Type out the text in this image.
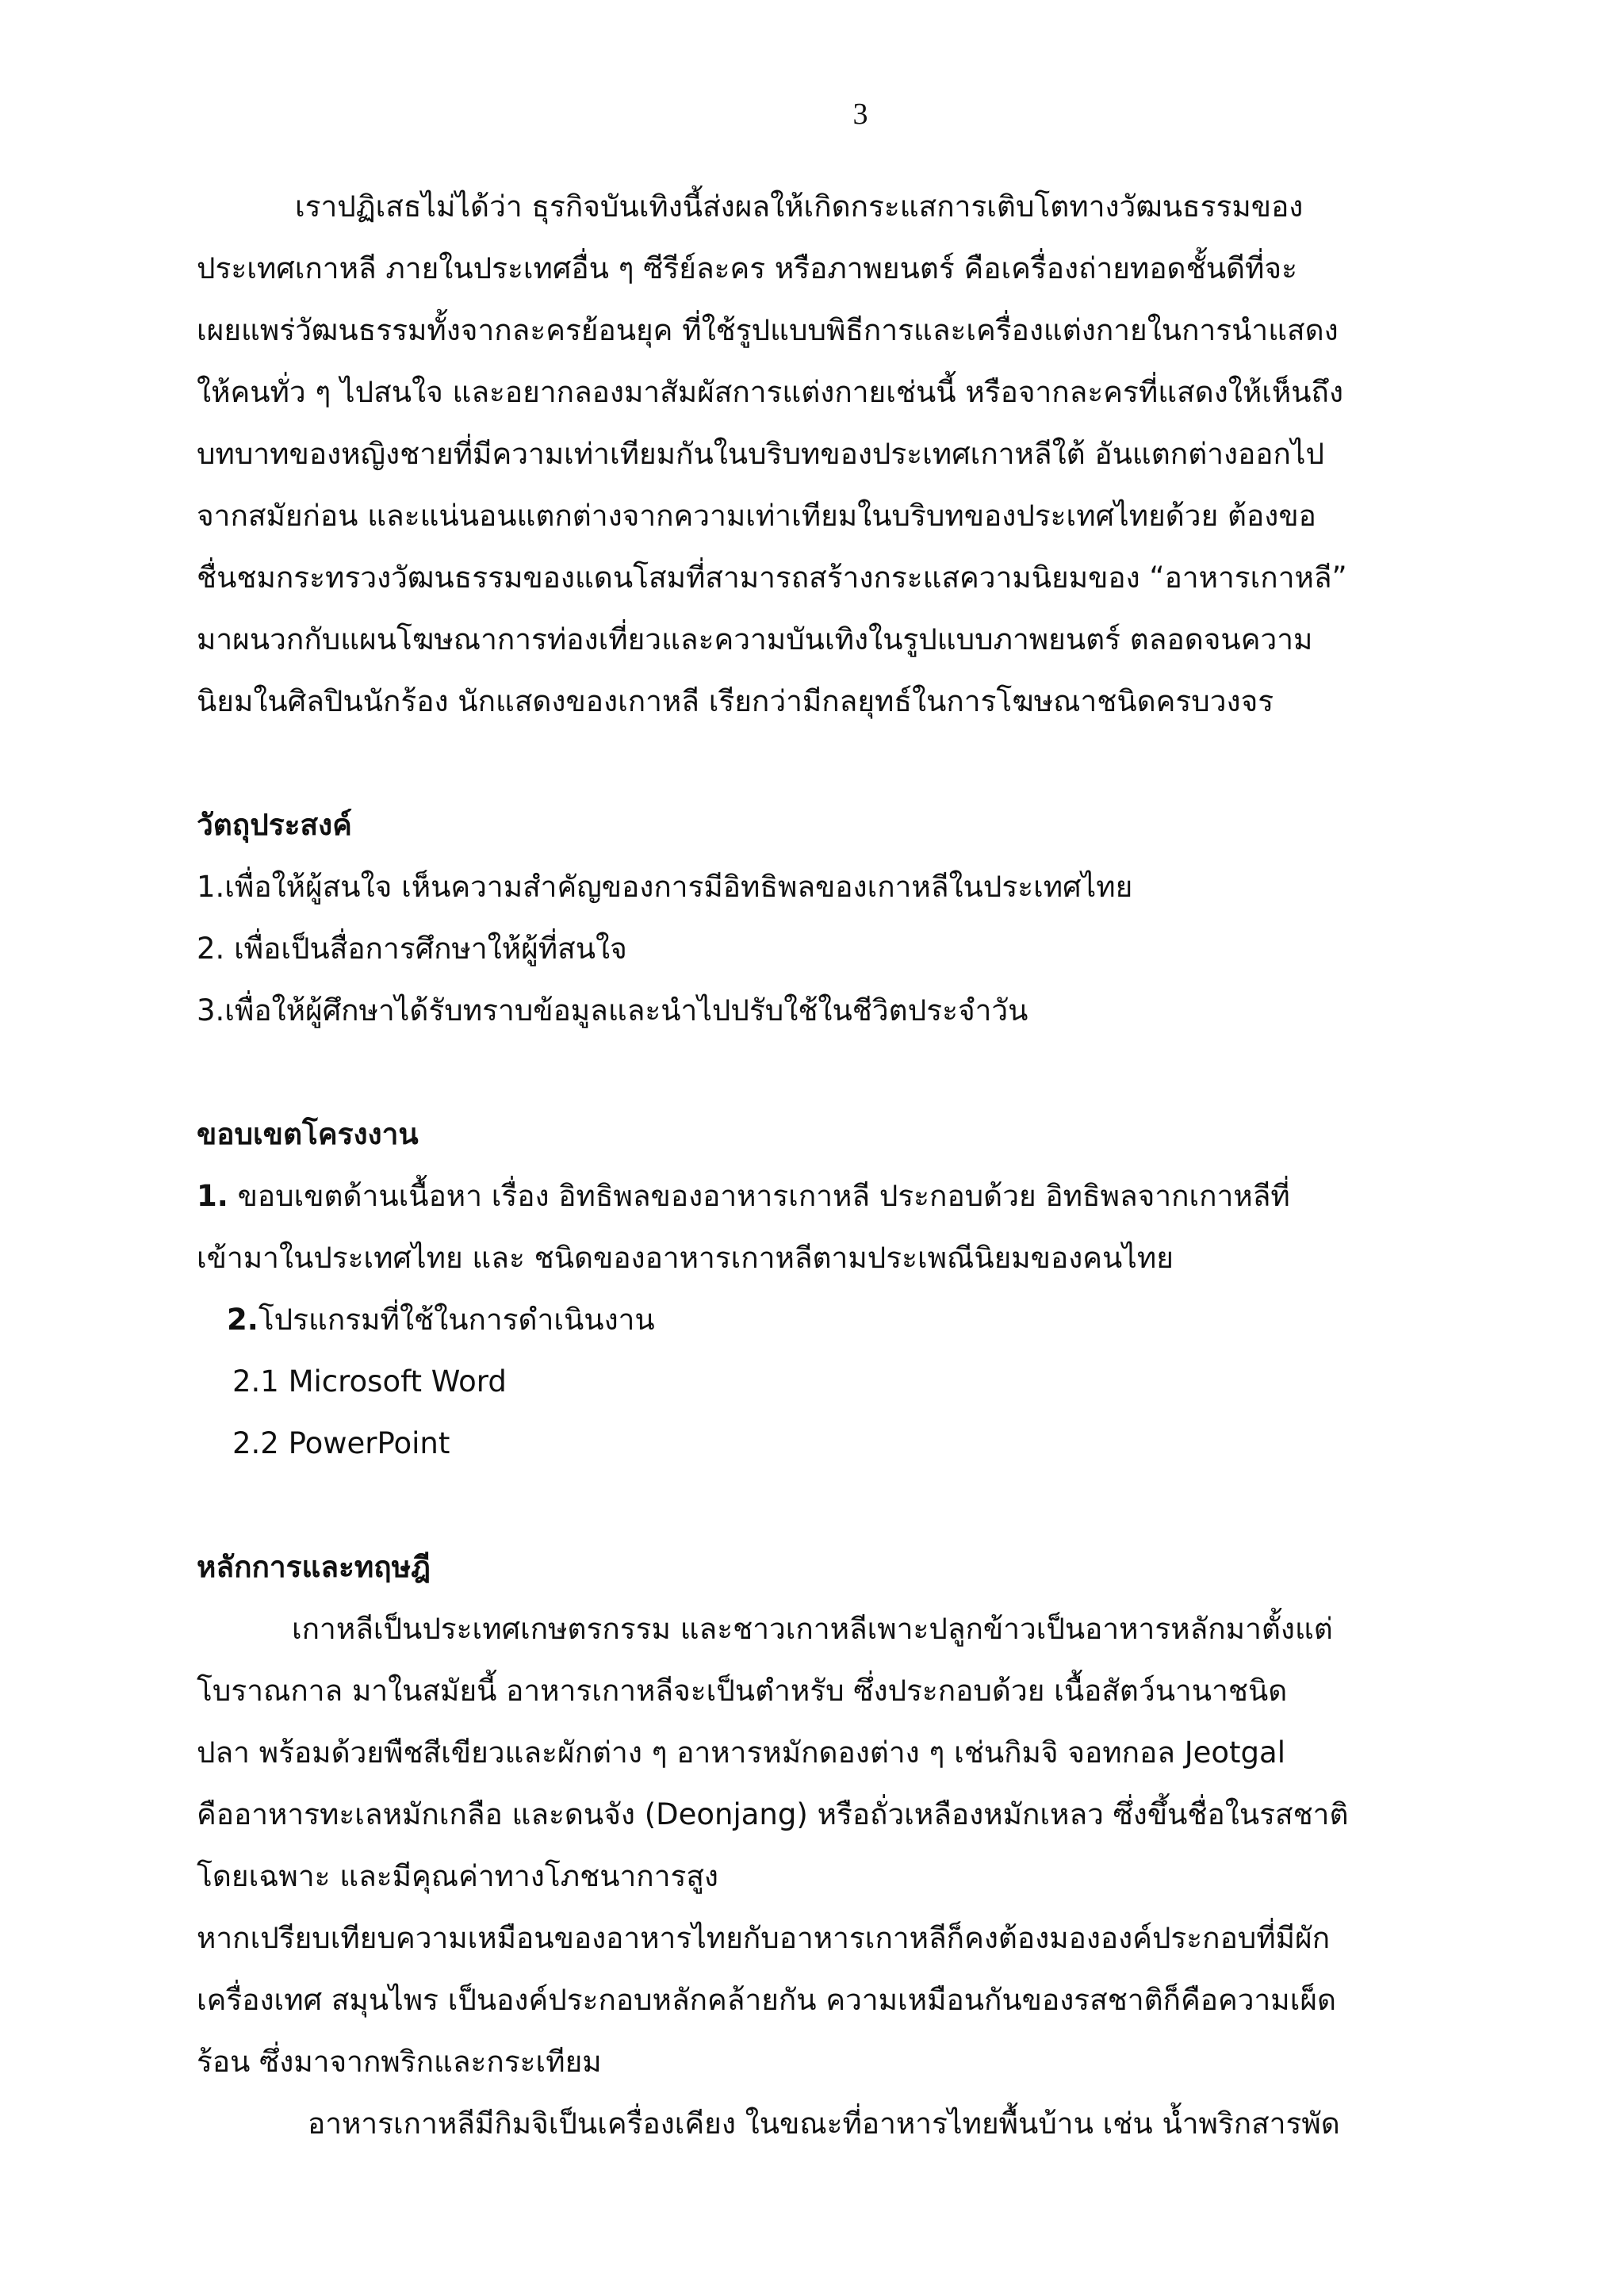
3
เราปฏิเสธไม่ได้ว่า ธุรกิจบันเทิงนี้ส่งผลให้เกิดกระแสการเติบโตทางวัฒนธรรมของ
ประเทศเกาหลี ภายในประเทศอื่น ๆ ซีรีย์ละคร หรือภาพยนตร์ คือเครื่องถ่ายทอดชั้นดีที่จะ
เผยแพร่วัฒนธรรมทั้งจากละครย้อนยุค ที่ใช้รูปแบบพิธีการและเครื่องแต่งกายในการนำแสดง
ให้คนทั่ว ๆ ไปสนใจ และอยากลองมาสัมผัสการแต่งกายเช่นนี้ หรือจากละครที่แสดงให้เห็นถึง
บทบาทของหญิงชายที่มีความเท่าเทียมกันในบริบทของประเทศเกาหลีใต้ อันแตกต่างออกไป
จากสมัยก่อน และแน่นอนแตกต่างจากความเท่าเทียมในบริบทของประเทศไทยด้วย ต้องขอ
ชื่นชมกระทรวงวัฒนธรรมของแดนโสมที่สามารถสร้างกระแสความนิยมของ “อาหารเกาหลี”
มาผนวกกับแผนโฆษณาการท่องเที่ยวและความบันเทิงในรูปแบบภาพยนตร์ ตลอดจนความ
นิยมในศิลปินนักร้อง นักแสดงของเกาหลี เรียกว่ามีกลยุทธ์ในการโฆษณาชนิดครบวงจร
วัตถุประสงค์
1.เพื่อให้ผู้สนใจ เห็นความสำคัญของการมีอิทธิพลของเกาหลีในประเทศไทย
2. เพื่อเป็นสื่อการศึกษาให้ผู้ที่สนใจ
3.เพื่อให้ผู้ศึกษาได้รับทราบข้อมูลและนำไปปรับใช้ในชีวิตประจำวัน
ขอบเขตโครงงาน
1. ขอบเขตด้านเนื้อหา เรื่อง อิทธิพลของอาหารเกาหลี ประกอบด้วย อิทธิพลจากเกาหลีที่
เข้ามาในประเทศไทย และ ชนิดของอาหารเกาหลีตามประเพณีนิยมของคนไทย
2.โปรแกรมที่ใช้ในการดำเนินงาน
2.1 Microsoft Word
2.2 PowerPoint
หลักการและทฤษฎี
เกาหลีเป็นประเทศเกษตรกรรม และชาวเกาหลีเพาะปลูกข้าวเป็นอาหารหลักมาตั้งแต่
โบราณกาล มาในสมัยนี้ อาหารเกาหลีจะเป็นตำหรับ ซึ่งประกอบด้วย เนื้อสัตว์นานาชนิด
ปลา พร้อมด้วยพืชสีเขียวและผักต่าง ๆ อาหารหมักดองต่าง ๆ เช่นกิมจิ จอทกอล Jeotgal
คืออาหารทะเลหมักเกลือ และดนจัง (Deonjang) หรือถั่วเหลืองหมักเหลว ซึ่งขึ้นชื่อในรสชาติ
โดยเฉพาะ และมีคุณค่าทางโภชนาการสูง
หากเปรียบเทียบความเหมือนของอาหารไทยกับอาหารเกาหลีก็คงต้องมององค์ประกอบที่มีผัก
เครื่องเทศ สมุนไพร เป็นองค์ประกอบหลักคล้ายกัน ความเหมือนกันของรสชาติก็คือความเผ็ด
ร้อน ซึ่งมาจากพริกและกระเทียม
อาหารเกาหลีมีกิมจิเป็นเครื่องเคียง ในขณะที่อาหารไทยพื้นบ้าน เช่น น้ำพริกสารพัด
